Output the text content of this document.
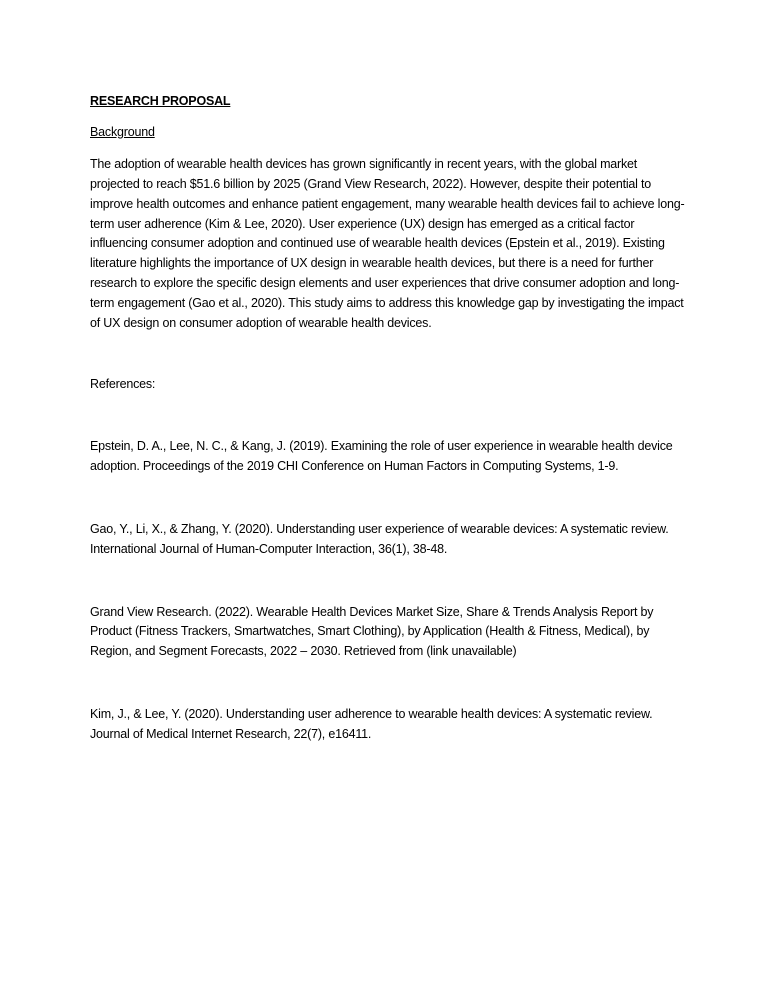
RESEARCH PROPOSAL
Background

The adoption of wearable health devices has grown significantly in recent years, with the global market projected to reach $51.6 billion by 2025 (Grand View Research, 2022). However, despite their potential to improve health outcomes and enhance patient engagement, many wearable health devices fail to achieve long-term user adherence (Kim & Lee, 2020). User experience (UX) design has emerged as a critical factor influencing consumer adoption and continued use of wearable health devices (Epstein et al., 2019). Existing literature highlights the importance of UX design in wearable health devices, but there is a need for further research to explore the specific design elements and user experiences that drive consumer adoption and long-term engagement (Gao et al., 2020). This study aims to address this knowledge gap by investigating the impact of UX design on consumer adoption of wearable health devices.

References:

Epstein, D. A., Lee, N. C., & Kang, J. (2019). Examining the role of user experience in wearable health device adoption. Proceedings of the 2019 CHI Conference on Human Factors in Computing Systems, 1-9.

Gao, Y., Li, X., & Zhang, Y. (2020). Understanding user experience of wearable devices: A systematic review. International Journal of Human-Computer Interaction, 36(1), 38-48.

Grand View Research. (2022). Wearable Health Devices Market Size, Share & Trends Analysis Report by Product (Fitness Trackers, Smartwatches, Smart Clothing), by Application (Health & Fitness, Medical), by Region, and Segment Forecasts, 2022 – 2030. Retrieved from (link unavailable)

Kim, J., & Lee, Y. (2020). Understanding user adherence to wearable health devices: A systematic review. Journal of Medical Internet Research, 22(7), e16411.
